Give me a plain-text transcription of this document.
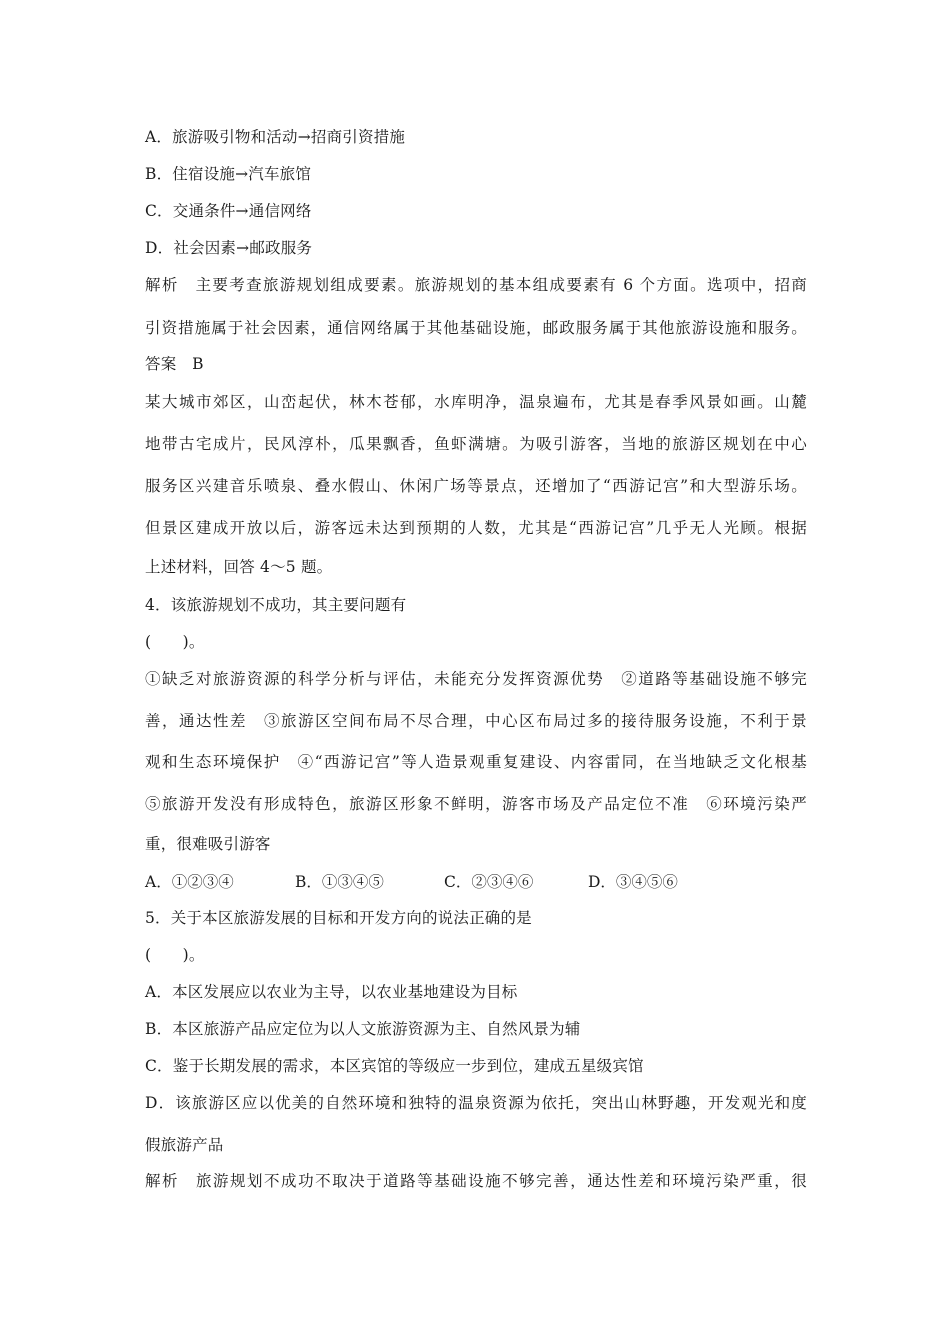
A．旅游吸引物和活动→招商引资措施
B．住宿设施→汽车旅馆
C．交通条件→通信网络
D．社会因素→邮政服务
解析　主要考查旅游规划组成要素。旅游规划的基本组成要素有 6 个方面。选项中，招商
引资措施属于社会因素，通信网络属于其他基础设施，邮政服务属于其他旅游设施和服务。
答案　B
某大城市郊区，山峦起伏，林木苍郁，水库明净，温泉遍布，尤其是春季风景如画。山麓
地带古宅成片，民风淳朴，瓜果飘香，鱼虾满塘。为吸引游客，当地的旅游区规划在中心
服务区兴建音乐喷泉、叠水假山、休闲广场等景点，还增加了“西游记宫”和大型游乐场。
但景区建成开放以后，游客远未达到预期的人数，尤其是“西游记宫”几乎无人光顾。根据
上述材料，回答 4～5 题。
4．该旅游规划不成功，其主要问题有
(　　)。
①缺乏对旅游资源的科学分析与评估，未能充分发挥资源优势　②道路等基础设施不够完
善，通达性差　③旅游区空间布局不尽合理，中心区布局过多的接待服务设施，不利于景
观和生态环境保护　④“西游记宫”等人造景观重复建设、内容雷同，在当地缺乏文化根基
⑤旅游开发没有形成特色，旅游区形象不鲜明，游客市场及产品定位不准　⑥环境污染严
重，很难吸引游客
A．①②③④	B．①③④⑤	C．②③④⑥	D．③④⑤⑥
5．关于本区旅游发展的目标和开发方向的说法正确的是
(　　)。
A．本区发展应以农业为主导，以农业基地建设为目标
B．本区旅游产品应定位为以人文旅游资源为主、自然风景为辅
C．鉴于长期发展的需求，本区宾馆的等级应一步到位，建成五星级宾馆
D．该旅游区应以优美的自然环境和独特的温泉资源为依托，突出山林野趣，开发观光和度
假旅游产品
解析　旅游规划不成功不取决于道路等基础设施不够完善，通达性差和环境污染严重，很
